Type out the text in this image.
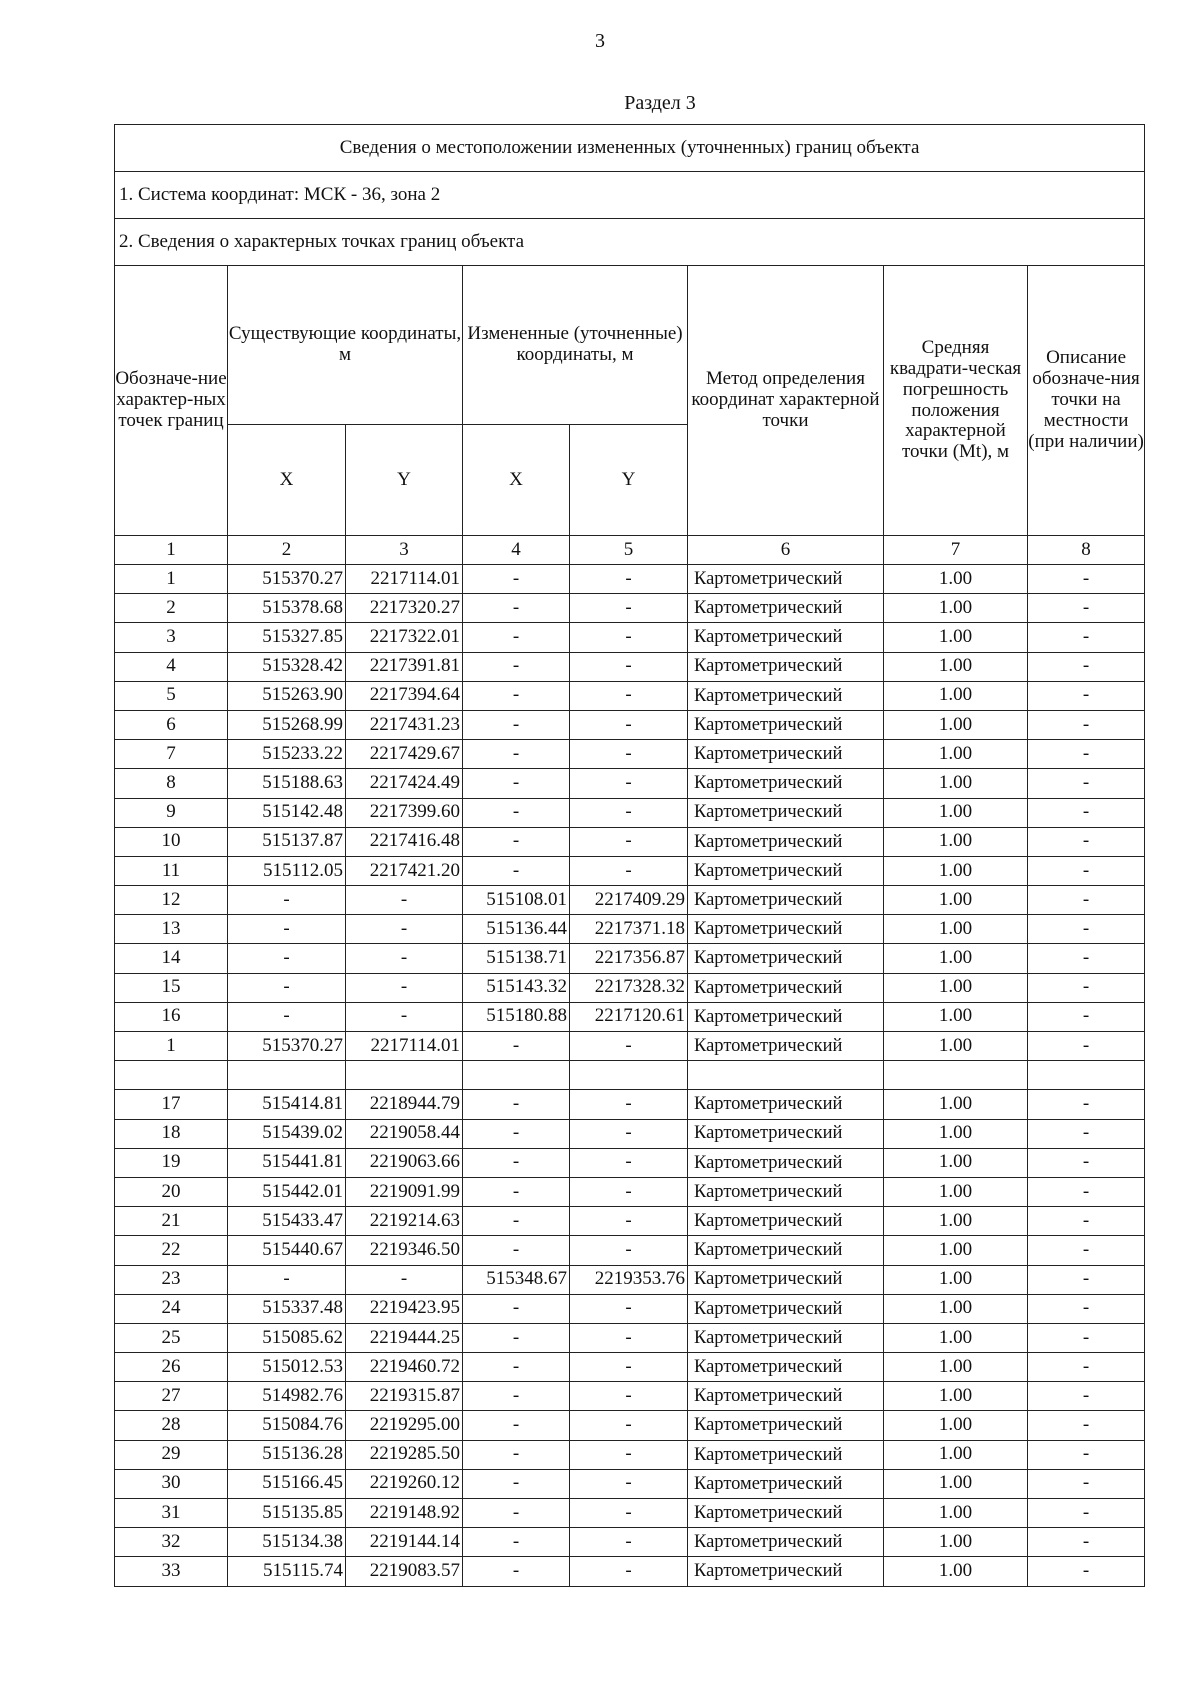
3
Раздел 3
Сведения о местоположении измененных (уточненных) границ объекта							
1. Система координат: МСК - 36, зона 2							
2. Сведения о характерных точках границ объекта							
Обозначе-ние характер-ных точек границ	Существующие координаты, м		Измененные (уточненные) координаты, м		Метод определения координат характерной точки	Средняя квадрати-ческая погрешность положения характерной точки (Mt), м	Описание обозначе-ния точки на местности (при наличии)
	X	Y	X	Y			
1	2	3	4	5	6	7	8
1	515370.27	2217114.01	-	-	Картометрический	1.00	-
2	515378.68	2217320.27	-	-	Картометрический	1.00	-
3	515327.85	2217322.01	-	-	Картометрический	1.00	-
4	515328.42	2217391.81	-	-	Картометрический	1.00	-
5	515263.90	2217394.64	-	-	Картометрический	1.00	-
6	515268.99	2217431.23	-	-	Картометрический	1.00	-
7	515233.22	2217429.67	-	-	Картометрический	1.00	-
8	515188.63	2217424.49	-	-	Картометрический	1.00	-
9	515142.48	2217399.60	-	-	Картометрический	1.00	-
10	515137.87	2217416.48	-	-	Картометрический	1.00	-
11	515112.05	2217421.20	-	-	Картометрический	1.00	-
12	-	-	515108.01	2217409.29	Картометрический	1.00	-
13	-	-	515136.44	2217371.18	Картометрический	1.00	-
14	-	-	515138.71	2217356.87	Картометрический	1.00	-
15	-	-	515143.32	2217328.32	Картометрический	1.00	-
16	-	-	515180.88	2217120.61	Картометрический	1.00	-
1	515370.27	2217114.01	-	-	Картометрический	1.00	-

17	515414.81	2218944.79	-	-	Картометрический	1.00	-
18	515439.02	2219058.44	-	-	Картометрический	1.00	-
19	515441.81	2219063.66	-	-	Картометрический	1.00	-
20	515442.01	2219091.99	-	-	Картометрический	1.00	-
21	515433.47	2219214.63	-	-	Картометрический	1.00	-
22	515440.67	2219346.50	-	-	Картометрический	1.00	-
23	-	-	515348.67	2219353.76	Картометрический	1.00	-
24	515337.48	2219423.95	-	-	Картометрический	1.00	-
25	515085.62	2219444.25	-	-	Картометрический	1.00	-
26	515012.53	2219460.72	-	-	Картометрический	1.00	-
27	514982.76	2219315.87	-	-	Картометрический	1.00	-
28	515084.76	2219295.00	-	-	Картометрический	1.00	-
29	515136.28	2219285.50	-	-	Картометрический	1.00	-
30	515166.45	2219260.12	-	-	Картометрический	1.00	-
31	515135.85	2219148.92	-	-	Картометрический	1.00	-
32	515134.38	2219144.14	-	-	Картометрический	1.00	-
33	515115.74	2219083.57	-	-	Картометрический	1.00	-
